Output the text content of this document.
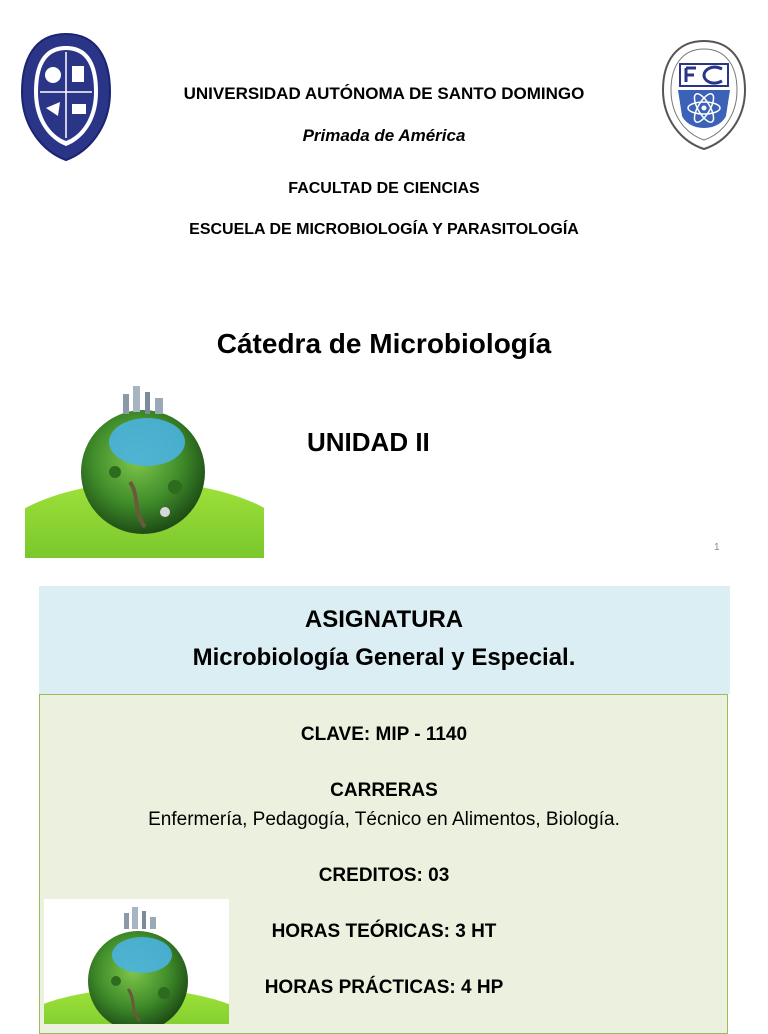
UNIVERSIDAD AUTÓNOMA DE SANTO DOMINGO
Primada de América
FACULTAD DE CIENCIAS
ESCUELA DE MICROBIOLOGÍA Y PARASITOLOGÍA
Cátedra de Microbiología
UNIDAD II
1
ASIGNATURA
Microbiología General y Especial.
CLAVE: MIP - 1140
CARRERAS
Enfermería, Pedagogía, Técnico en Alimentos, Biología.
CREDITOS: 03
HORAS TEÓRICAS: 3 HT
HORAS PRÁCTICAS: 4 HP
